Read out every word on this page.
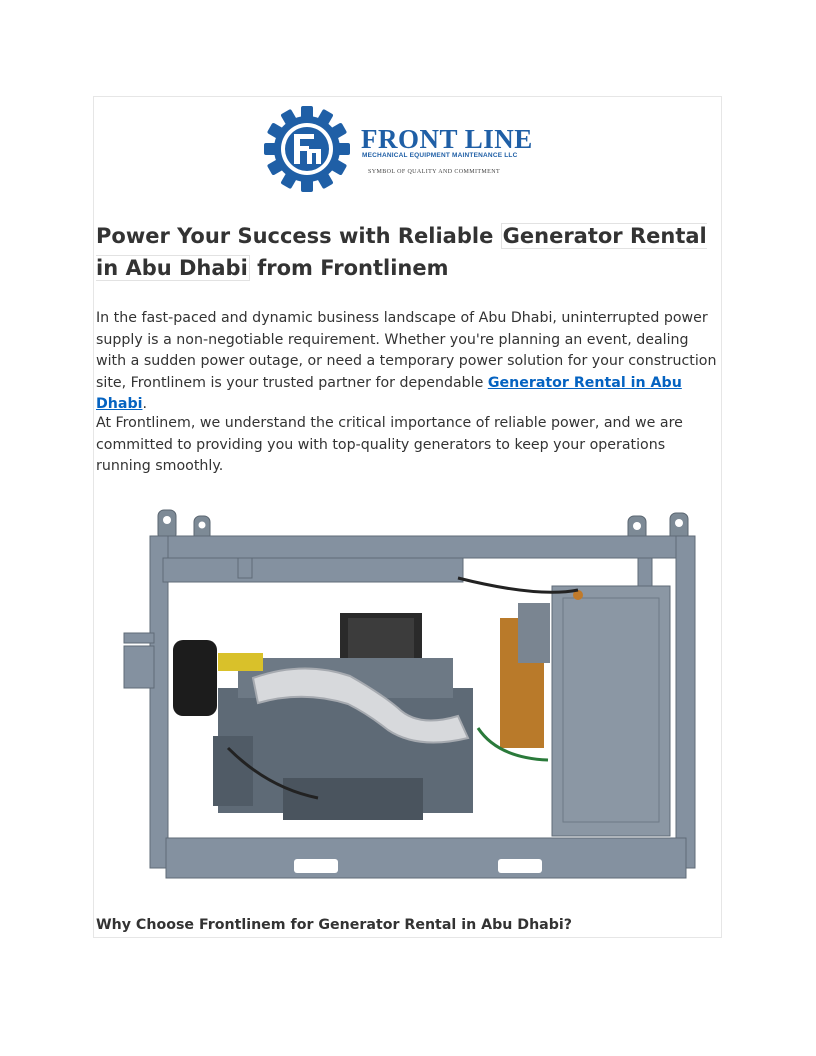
FRONT LINE
MECHANICAL EQUIPMENT MAINTENANCE LLC
SYMBOL OF QUALITY AND COMMITMENT
Power Your Success with Reliable Generator Rental in Abu Dhabi from Frontlinem

In the fast-paced and dynamic business landscape of Abu Dhabi, uninterrupted power supply is a non-negotiable requirement. Whether you're planning an event, dealing with a sudden power outage, or need a temporary power solution for your construction site, Frontlinem is your trusted partner for dependable Generator Rental in Abu Dhabi.

At Frontlinem, we understand the critical importance of reliable power, and we are committed to providing you with top-quality generators to keep your operations running smoothly.

Why Choose Frontlinem for Generator Rental in Abu Dhabi?
